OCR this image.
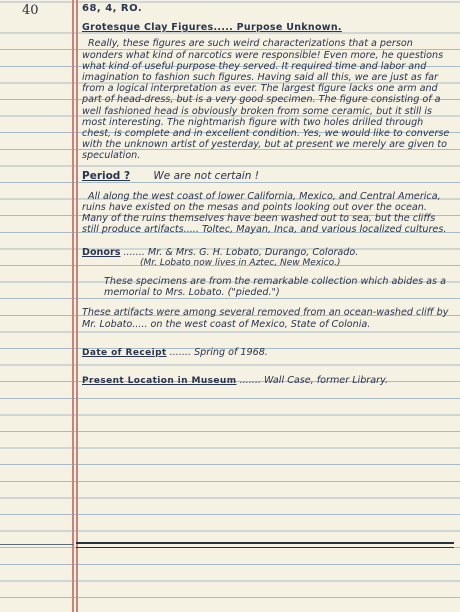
40	68, 4, RO.
Grotesque Clay Figures..... Purpose Unknown.

Really, these figures are such weird characterizations that a person wonders what kind of narcotics were responsible! Even more, he questions what kind of useful purpose they served. It required time and labor and imagination to fashion such figures. Having said all this, we are just as far from a logical interpretation as ever. The largest figure lacks one arm and part of head-dress, but is a very good specimen. The figure consisting of a well fashioned head is obviously broken from some ceramic, but it still is most interesting. The nightmarish figure with two holes drilled through chest, is complete and in excellent condition. Yes, we would like to converse with the unknown artist of yesterday, but at present we merely are given to speculation.

Period ? We are not certain !

All along the west coast of lower California, Mexico, and Central America, ruins have existed on the mesas and points looking out over the ocean. Many of the ruins themselves have been washed out to sea, but the cliffs still produce artifacts..... Toltec, Mayan, Inca, and various localized cultures.

Donors ....... Mr. & Mrs. G. H. Lobato, Durango, Colorado.
(Mr. Lobato now lives in Aztec, New Mexico.)

These specimens are from the remarkable collection which abides as a memorial to Mrs. Lobato. ("pieded.")

These artifacts were among several removed from an ocean-washed cliff by Mr. Lobato..... on the west coast of Mexico, State of Colonia.

Date of Receipt ....... Spring of 1968.
Present Location in Museum ....... Wall Case, former Library.
